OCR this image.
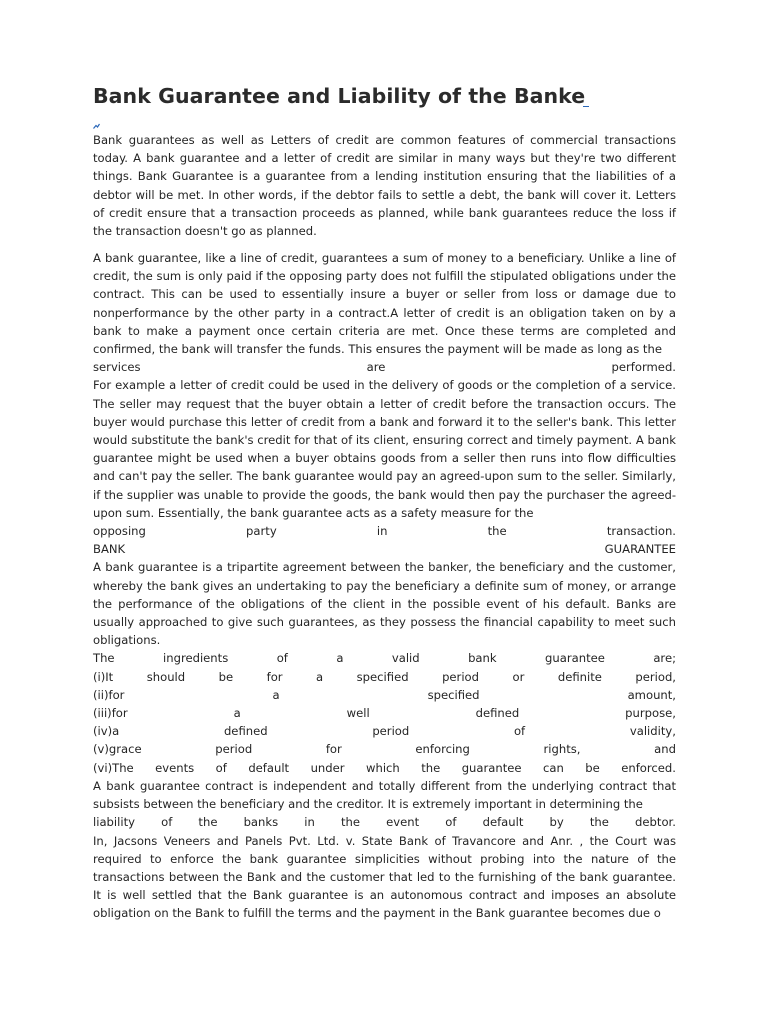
Bank Guarantee and Liability of the Banke

Bank guarantees as well as Letters of credit are common features of commercial transactions today. A bank guarantee and a letter of credit are similar in many ways but they're two different things. Bank Guarantee is a guarantee from a lending institution ensuring that the liabilities of a debtor will be met. In other words, if the debtor fails to settle a debt, the bank will cover it. Letters of credit ensure that a transaction proceeds as planned, while bank guarantees reduce the loss if the transaction doesn't go as planned.

A bank guarantee, like a line of credit, guarantees a sum of money to a beneficiary. Unlike a line of credit, the sum is only paid if the opposing party does not fulfill the stipulated obligations under the contract. This can be used to essentially insure a buyer or seller from loss or damage due to nonperformance by the other party in a contract.A letter of credit is an obligation taken on by a bank to make a payment once certain criteria are met. Once these terms are completed and confirmed, the bank will transfer the funds. This ensures the payment will be made as long as the

services	are	performed.

For example a letter of credit could be used in the delivery of goods or the completion of a service. The seller may request that the buyer obtain a letter of credit before the transaction occurs. The buyer would purchase this letter of credit from a bank and forward it to the seller's bank. This letter would substitute the bank's credit for that of its client, ensuring correct and timely payment. A bank guarantee might be used when a buyer obtains goods from a seller then runs into flow difficulties and can't pay the seller. The bank guarantee would pay an agreed-upon sum to the seller. Similarly, if the supplier was unable to provide the goods, the bank would then pay the purchaser the agreed-upon sum. Essentially, the bank guarantee acts as a safety measure for the

opposing	party	in	the	transaction.
BANK	GUARANTEE

A bank guarantee is a tripartite agreement between the banker, the beneficiary and the customer, whereby the bank gives an undertaking to pay the beneficiary a definite sum of money, or arrange the performance of the obligations of the client in the possible event of his default. Banks are usually approached to give such guarantees, as they possess the financial capability to meet such obligations.

The	ingredients	of	a	valid	bank	guarantee	are;
(i)It	should	be	for	a	specified	period	or	definite	period,
(ii)for	a	specified	amount,
(iii)for	a	well	defined	purpose,
(iv)a	defined	period	of	validity,
(v)grace	period	for	enforcing	rights,	and
(vi)The events of default under which the guarantee can be enforced.

A bank guarantee contract is independent and totally different from the underlying contract that subsists between the beneficiary and the creditor. It is extremely important in determining the

liability of the banks in the event of default by the debtor.

In, Jacsons Veneers and Panels Pvt. Ltd. v. State Bank of Travancore and Anr. , the Court was required to enforce the bank guarantee simplicities without probing into the nature of the transactions between the Bank and the customer that led to the furnishing of the bank guarantee. It is well settled that the Bank guarantee is an autonomous contract and imposes an absolute obligation on the Bank to fulfill the terms and the payment in the Bank guarantee becomes due o
